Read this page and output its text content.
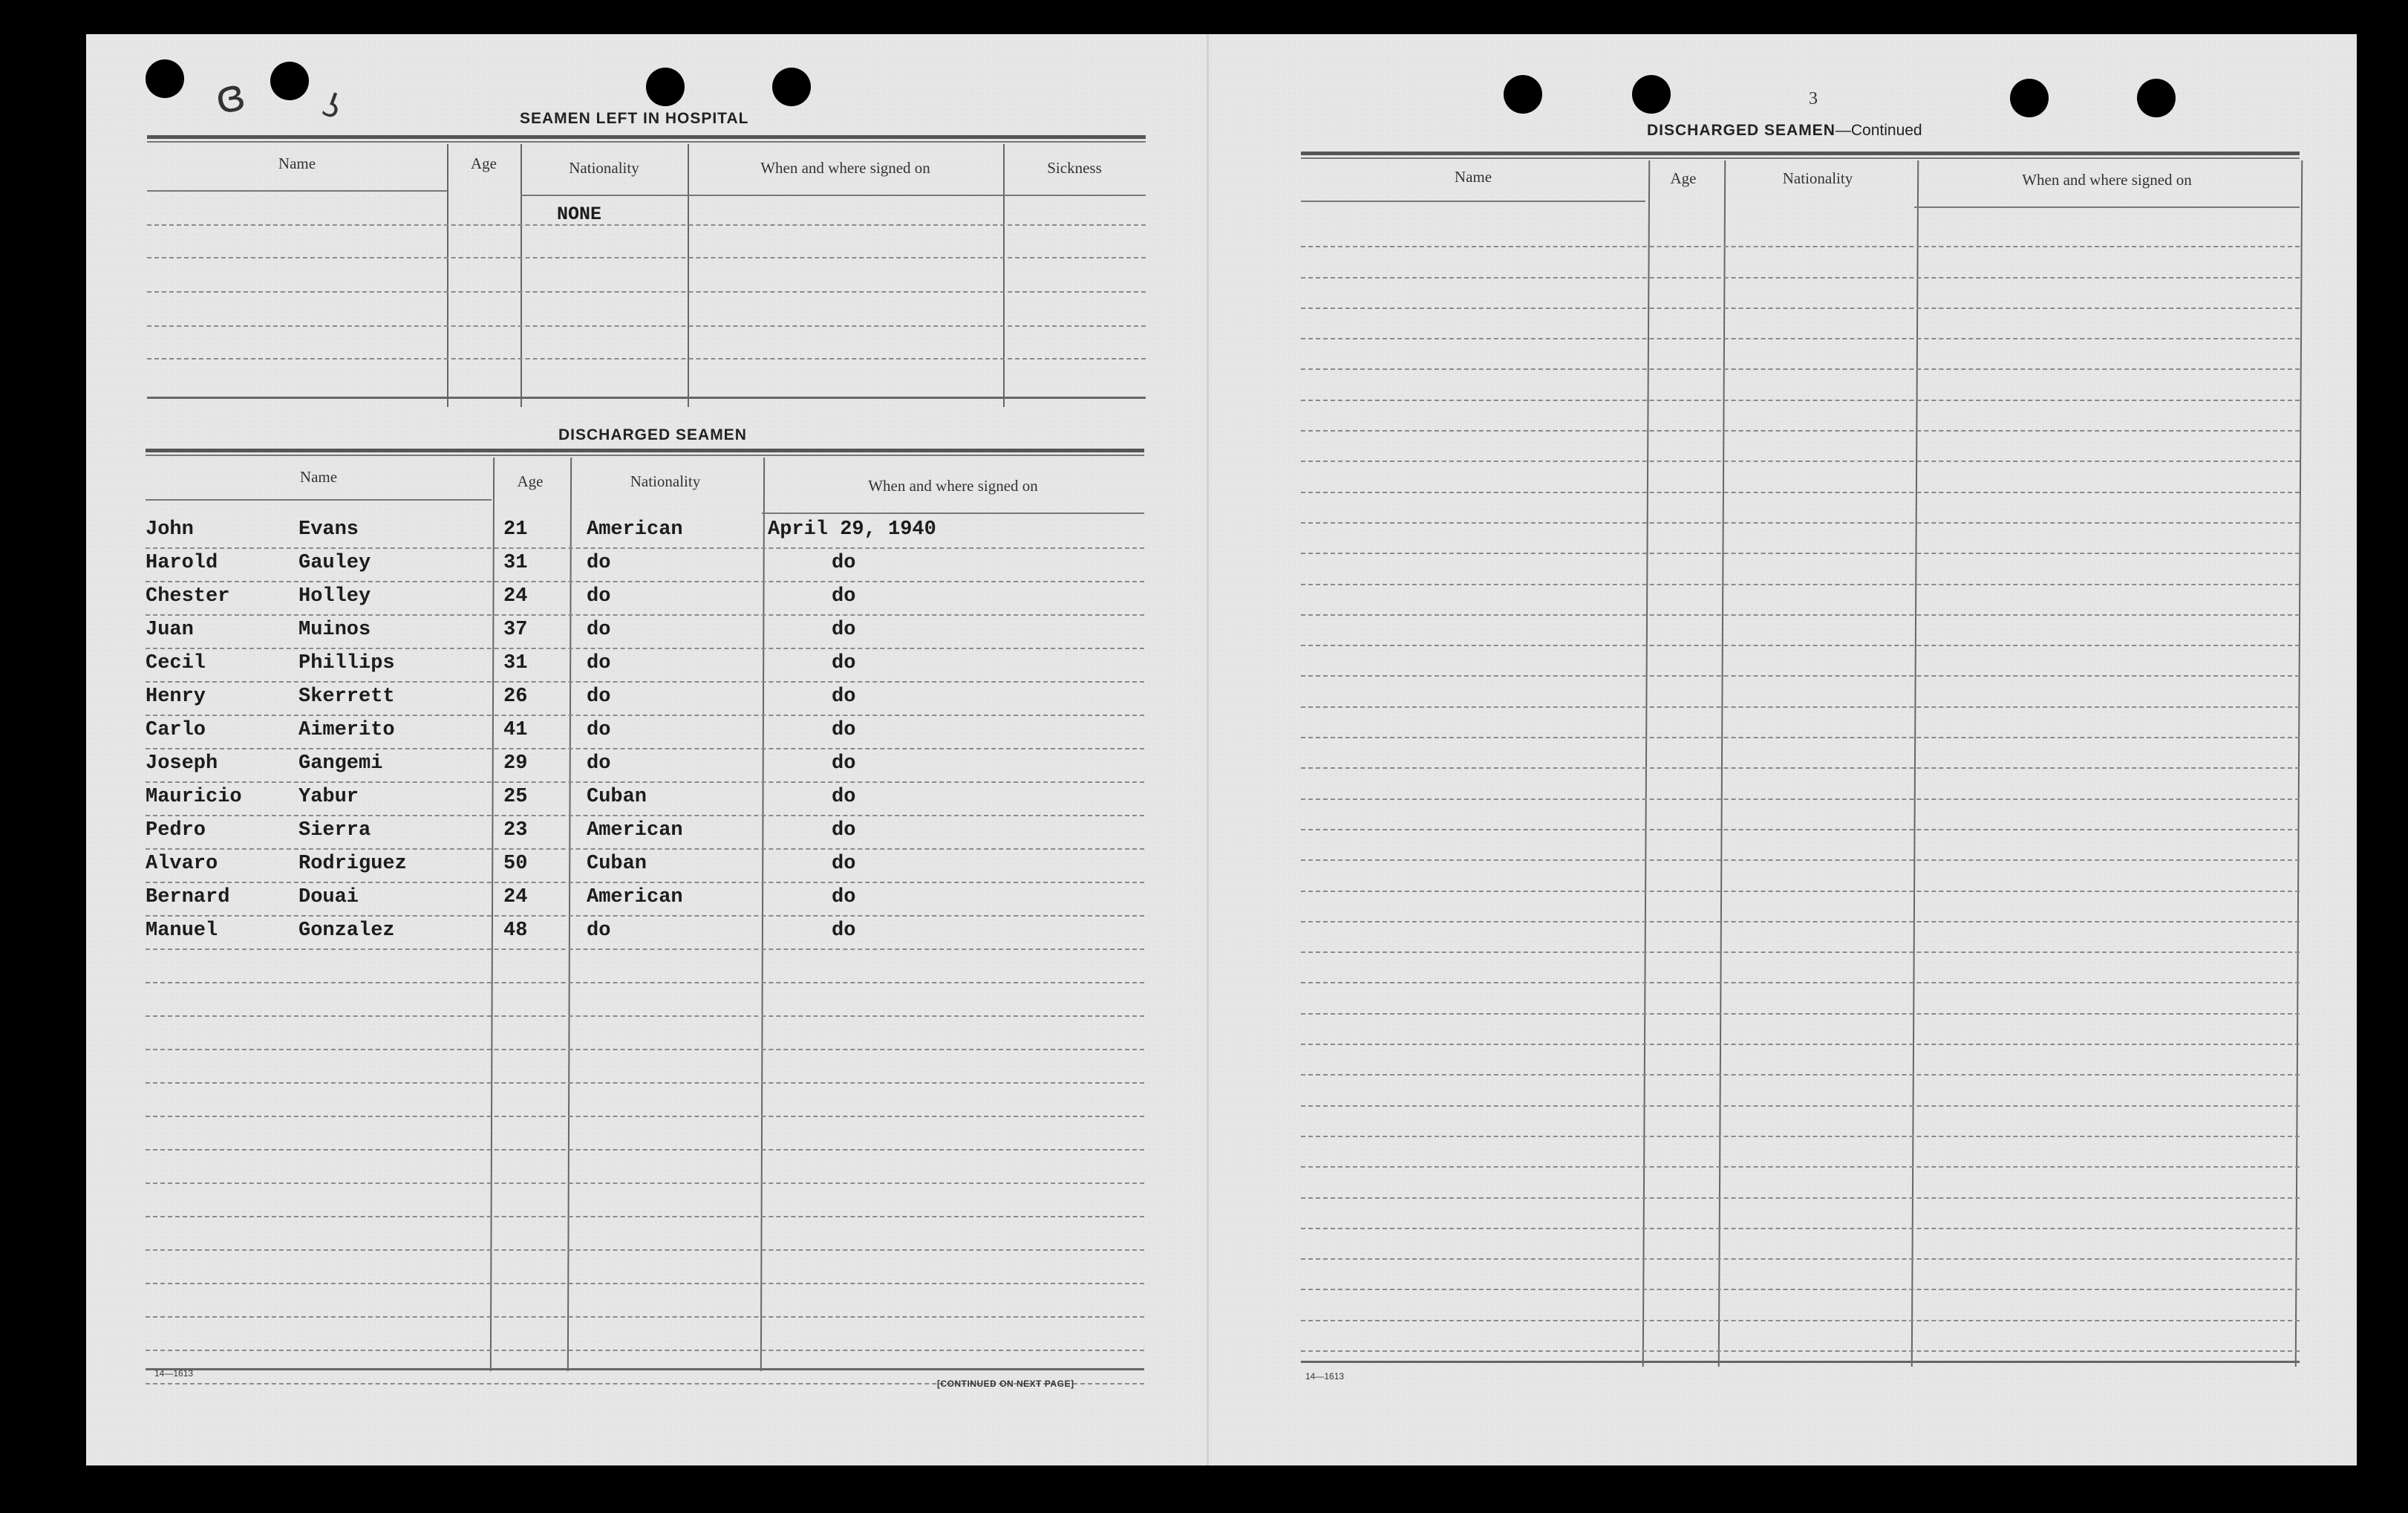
ɞ ʖ	SEAMEN LEFT IN HOSPITAL
Name	Age	Nationality	When and where signed on	Sickness
NONE
DISCHARGED SEAMEN
Name	Age	Nationality	When and where signed on
John	Evans	21	American	April 29, 1940
Harold	Gauley	31	do	do
Chester	Holley	24	do	do
Juan	Muinos	37	do	do
Cecil	Phillips	31	do	do
Henry	Skerrett	26	do	do
Carlo	Aimerito	41	do	do
Joseph	Gangemi	29	do	do
Mauricio	Yabur	25	Cuban	do
Pedro	Sierra	23	American	do
Alvaro	Rodriguez	50	Cuban	do
Bernard	Douai	24	American	do
Manuel	Gonzalez	48	do	do
14—1613
[CONTINUED ON NEXT PAGE]
3
DISCHARGED SEAMEN—Continued
Name	Age	Nationality	When and where signed on
14—1613
